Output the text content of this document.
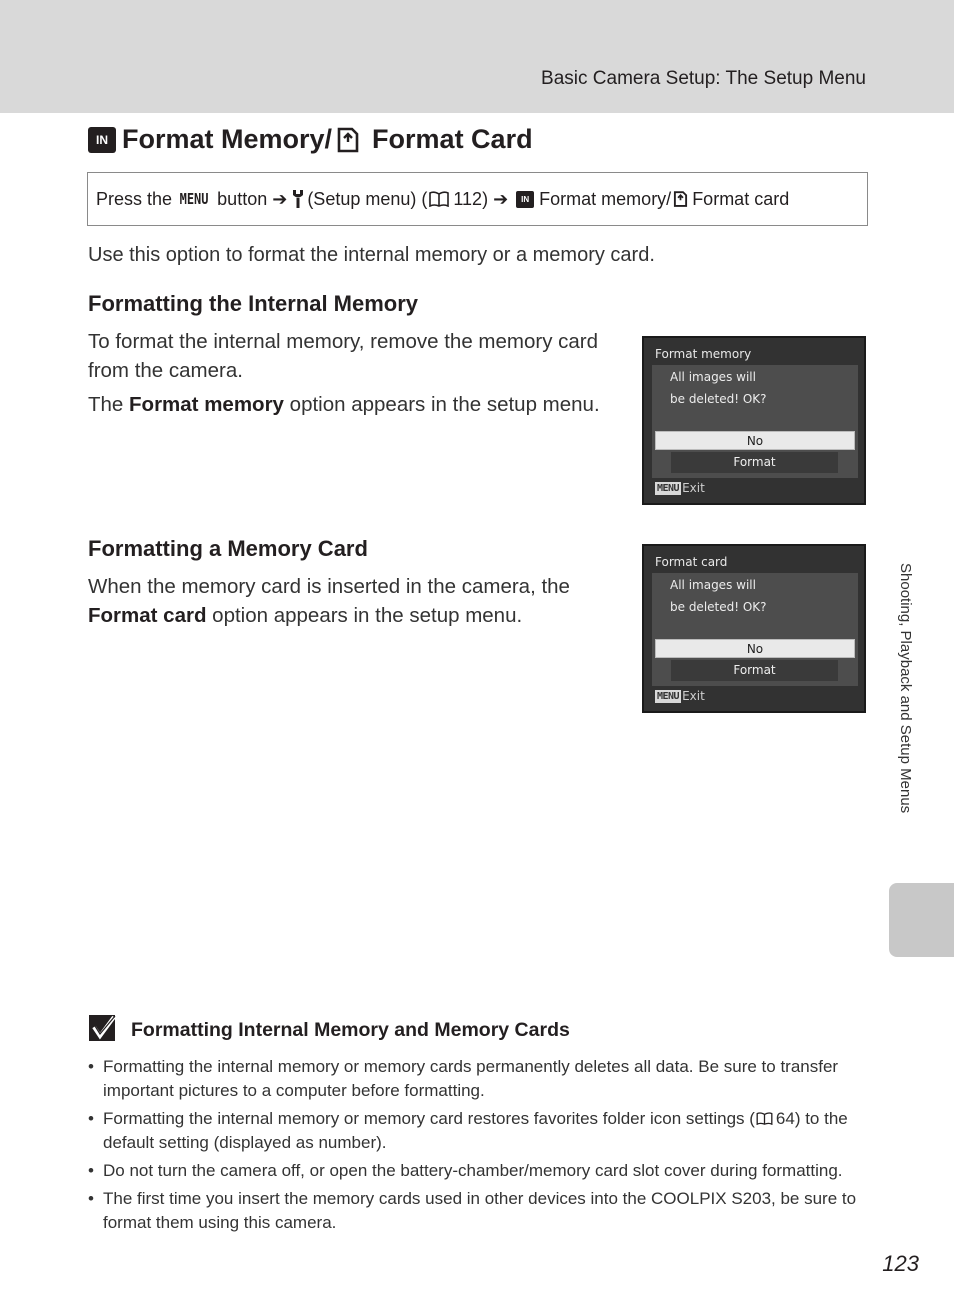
Basic Camera Setup: The Setup Menu
IN Format Memory/ Format Card
Press the MENU button ➔ (Setup menu) ( 112) ➔	IN Format memory/ Format card

Use this option to format the internal memory or a memory card.

Formatting the Internal Memory

To format the internal memory, remove the memory card from the camera.

The Format memory option appears in the setup menu.

Format memory
All images will
be deleted! OK?
No
Format
MENU Exit
Formatting a Memory Card

When the memory card is inserted in the camera, the Format card option appears in the setup menu.

Format card
All images will
be deleted! OK?
No
Format
MENU Exit	Shooting, Playback and Setup Menus
Formatting Internal Memory and Memory Cards
• Formatting the internal memory or memory cards permanently deletes all data. Be sure to transfer important pictures to a computer before formatting.
• Formatting the internal memory or memory card restores favorites folder icon settings ( 64) to the default setting (displayed as number).
• Do not turn the camera off, or open the battery-chamber/memory card slot cover during formatting.
• The first time you insert the memory cards used in other devices into the COOLPIX S203, be sure to format them using this camera.
123
